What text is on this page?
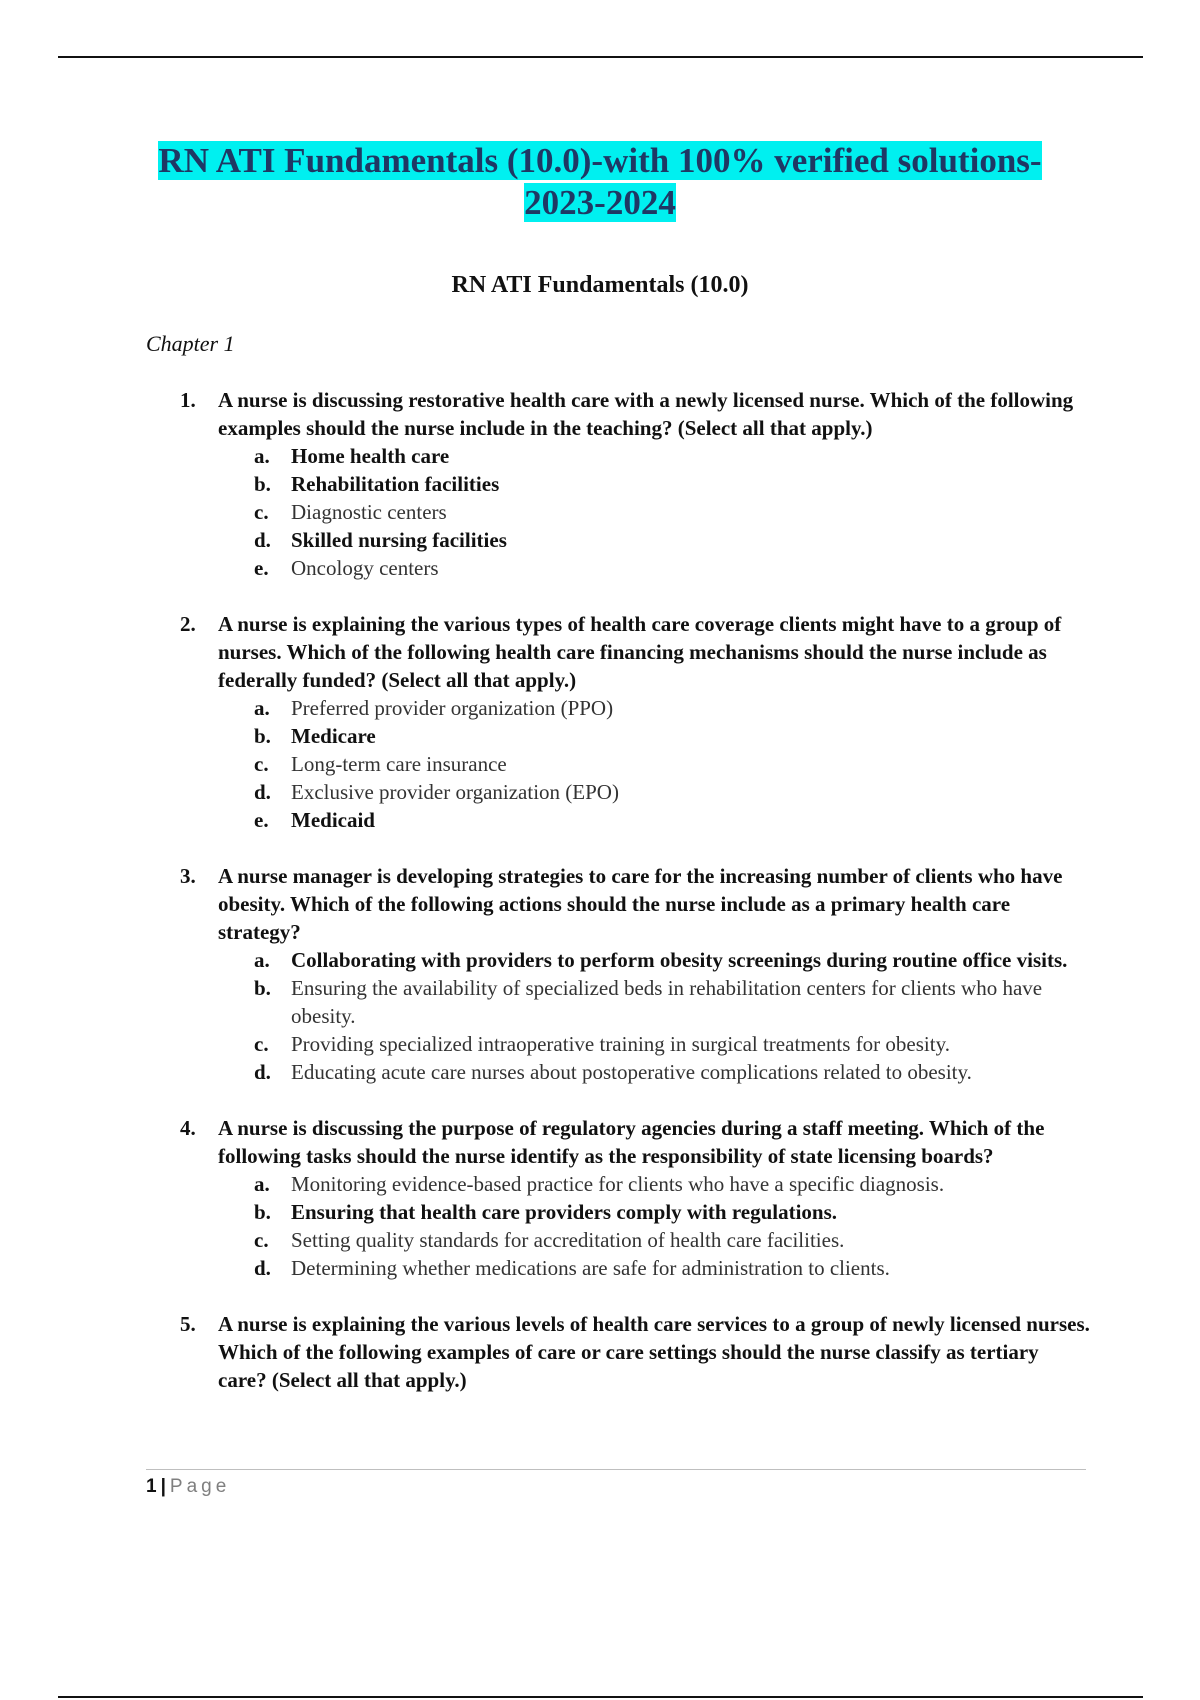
RN ATI Fundamentals (10.0)-with 100% verified solutions-
2023-2024
RN ATI Fundamentals (10.0)
Chapter 1
1. A nurse is discussing restorative health care with a newly licensed nurse. Which of the following examples should the nurse include in the teaching? (Select all that apply.)
a. Home health care
b. Rehabilitation facilities
c. Diagnostic centers
d. Skilled nursing facilities
e. Oncology centers
2. A nurse is explaining the various types of health care coverage clients might have to a group of nurses. Which of the following health care financing mechanisms should the nurse include as federally funded? (Select all that apply.)
a. Preferred provider organization (PPO)
b. Medicare
c. Long-term care insurance
d. Exclusive provider organization (EPO)
e. Medicaid
3. A nurse manager is developing strategies to care for the increasing number of clients who have obesity. Which of the following actions should the nurse include as a primary health care strategy?
a. Collaborating with providers to perform obesity screenings during routine office visits.
b. Ensuring the availability of specialized beds in rehabilitation centers for clients who have obesity.
c. Providing specialized intraoperative training in surgical treatments for obesity.
d. Educating acute care nurses about postoperative complications related to obesity.
4. A nurse is discussing the purpose of regulatory agencies during a staff meeting. Which of the following tasks should the nurse identify as the responsibility of state licensing boards?
a. Monitoring evidence-based practice for clients who have a specific diagnosis.
b. Ensuring that health care providers comply with regulations.
c. Setting quality standards for accreditation of health care facilities.
d. Determining whether medications are safe for administration to clients.
5. A nurse is explaining the various levels of health care services to a group of newly licensed nurses. Which of the following examples of care or care settings should the nurse classify as tertiary care? (Select all that apply.)
1 | Page
